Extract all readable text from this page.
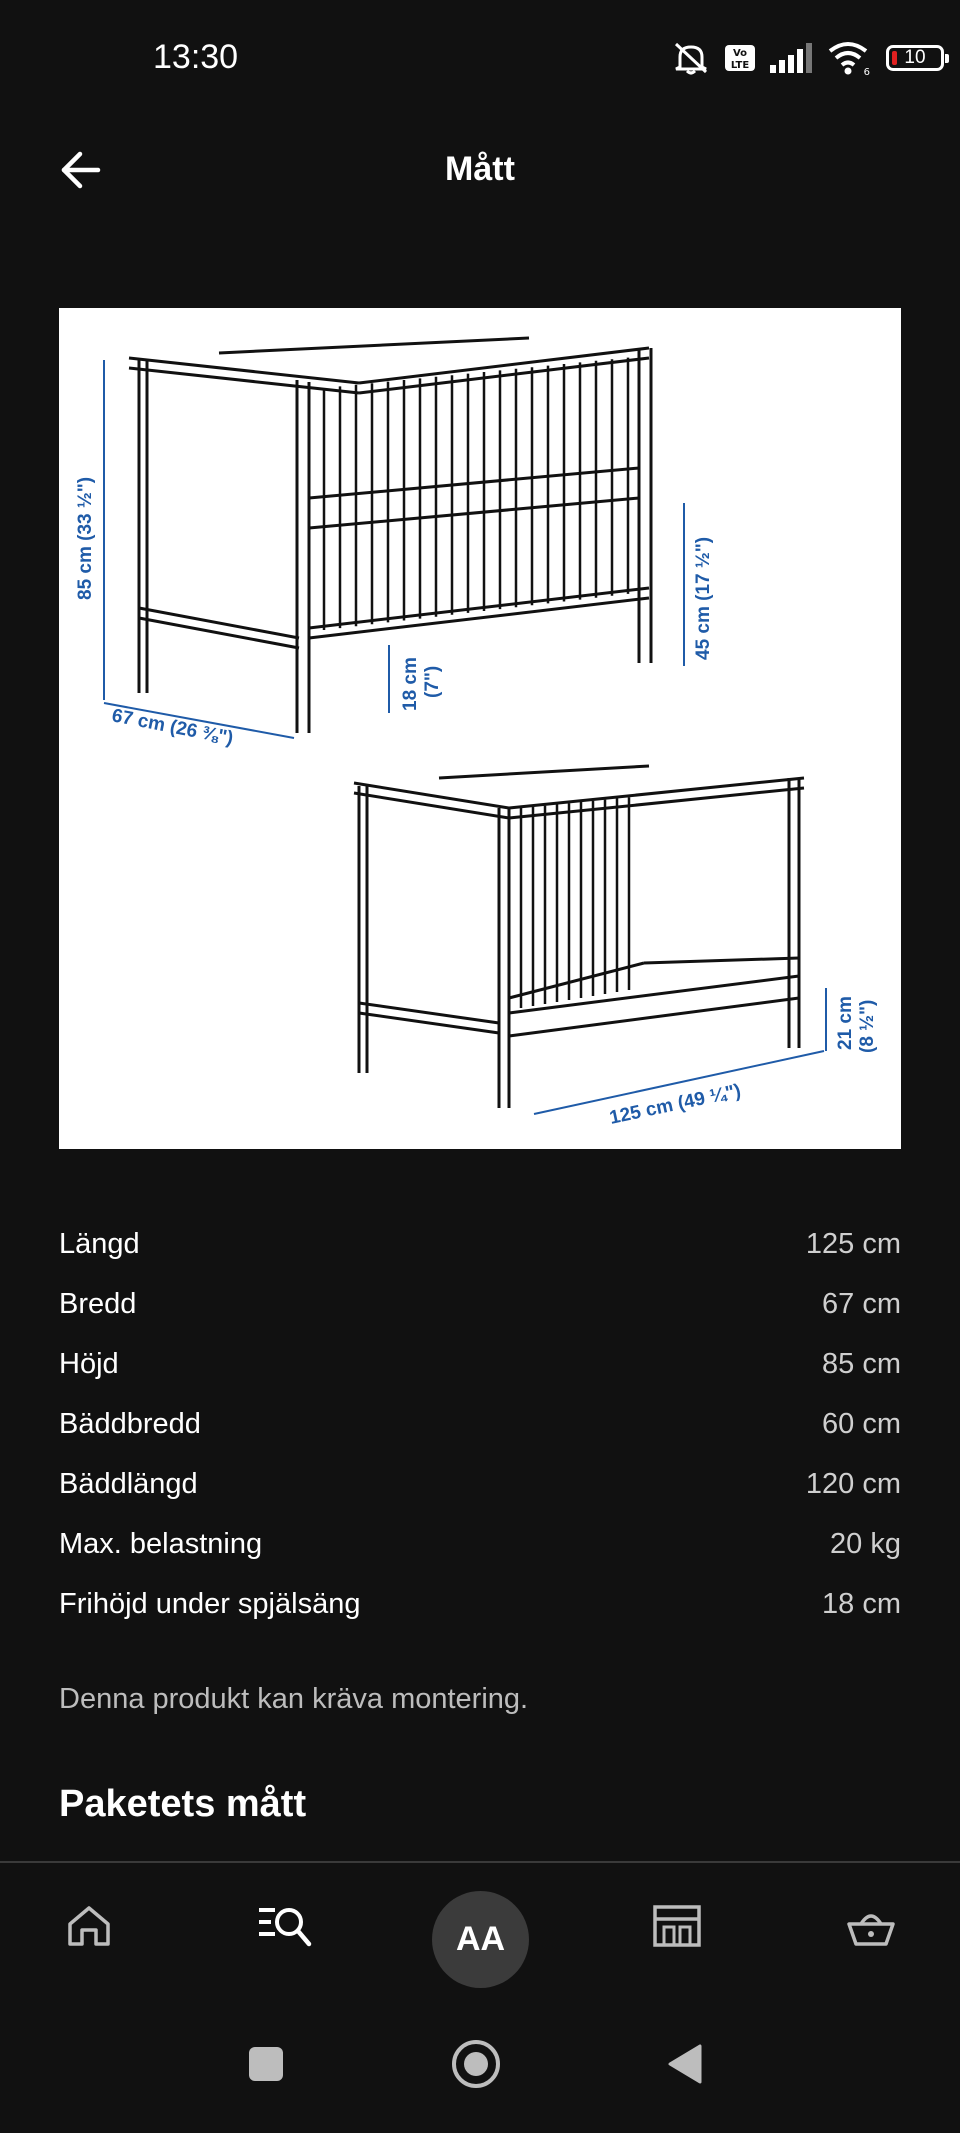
13:30	Vo
LTE
6
10
Mått
85 cm (33 ½")
67 cm (26 ⅜")
18 cm (7")
45 cm (17 ½")
125 cm (49 ¼")
21 cm (8 ½")
Längd	125 cm
Bredd	67 cm
Höjd	85 cm
Bäddbredd	60 cm
Bäddlängd	120 cm
Max. belastning	20 kg
Frihöjd under spjälsäng	18 cm
Denna produkt kan kräva montering.
Paketets mått
AA
